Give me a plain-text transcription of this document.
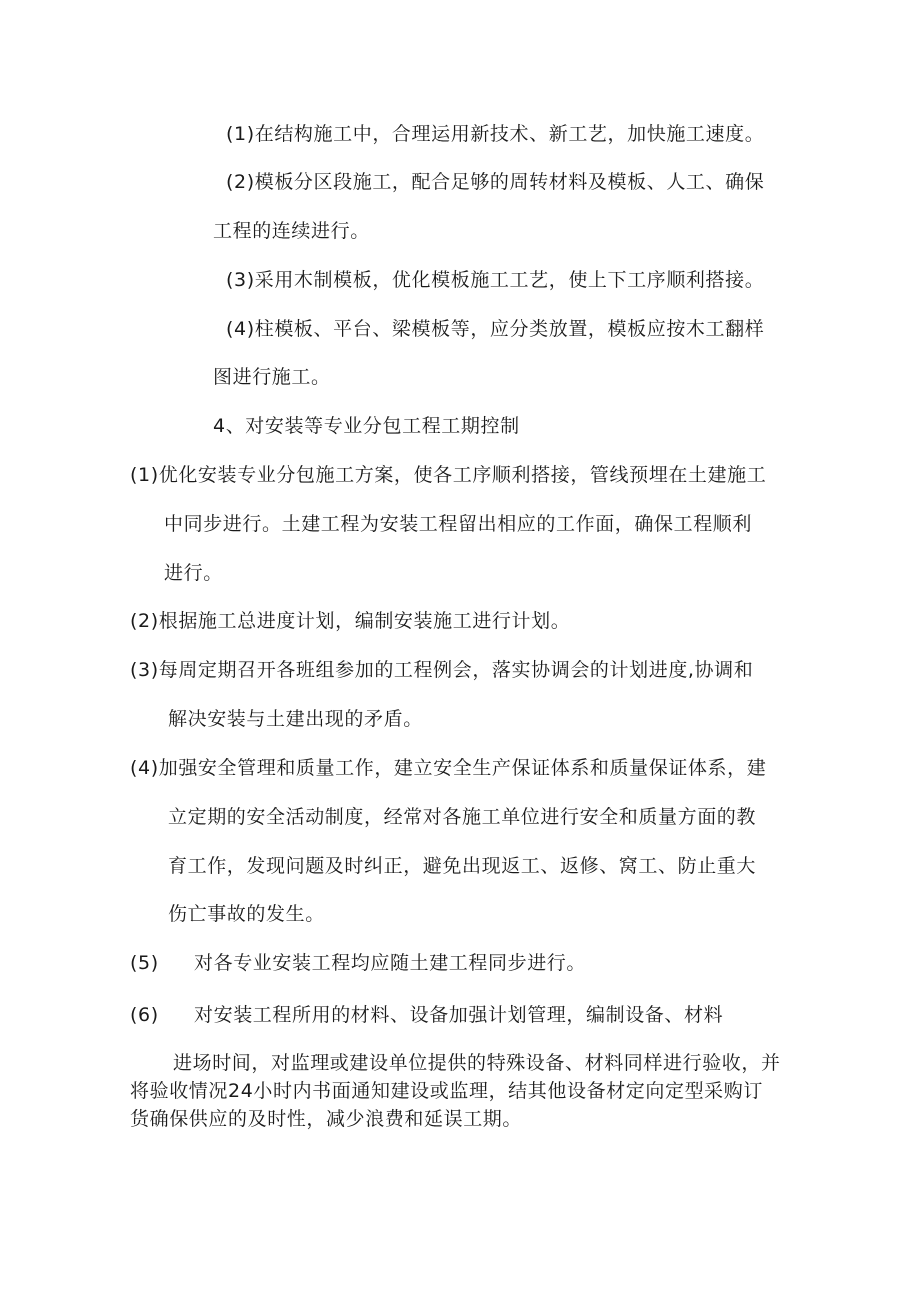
(1)在结构施工中，合理运用新技术、新工艺，加快施工速度。
(2)模板分区段施工，配合足够的周转材料及模板、人工、确保
工程的连续进行。
(3)采用木制模板，优化模板施工工艺，使上下工序顺利搭接。
(4)柱模板、平台、梁模板等，应分类放置，模板应按木工翻样
图进行施工。
4、对安装等专业分包工程工期控制
(1)优化安装专业分包施工方案，使各工序顺利搭接，管线预埋在土建施工
中同步进行。土建工程为安装工程留出相应的工作面，确保工程顺利
进行。
(2)根据施工总进度计划，编制安装施工进行计划。
(3)每周定期召开各班组参加的工程例会，落实协调会的计划进度,协调和
解决安装与土建出现的矛盾。
(4)加强安全管理和质量工作，建立安全生产保证体系和质量保证体系，建
立定期的安全活动制度，经常对各施工单位进行安全和质量方面的教
育工作，发现问题及时纠正，避免出现返工、返修、窝工、防止重大
伤亡事故的发生。
(5) 对各专业安装工程均应随土建工程同步进行。
(6) 对安装工程所用的材料、设备加强计划管理，编制设备、材料
进场时间，对监理或建设单位提供的特殊设备、材料同样进行验收，并
将验收情况24小时内书面通知建设或监理，结其他设备材定向定型采购订
货确保供应的及时性，减少浪费和延误工期。
